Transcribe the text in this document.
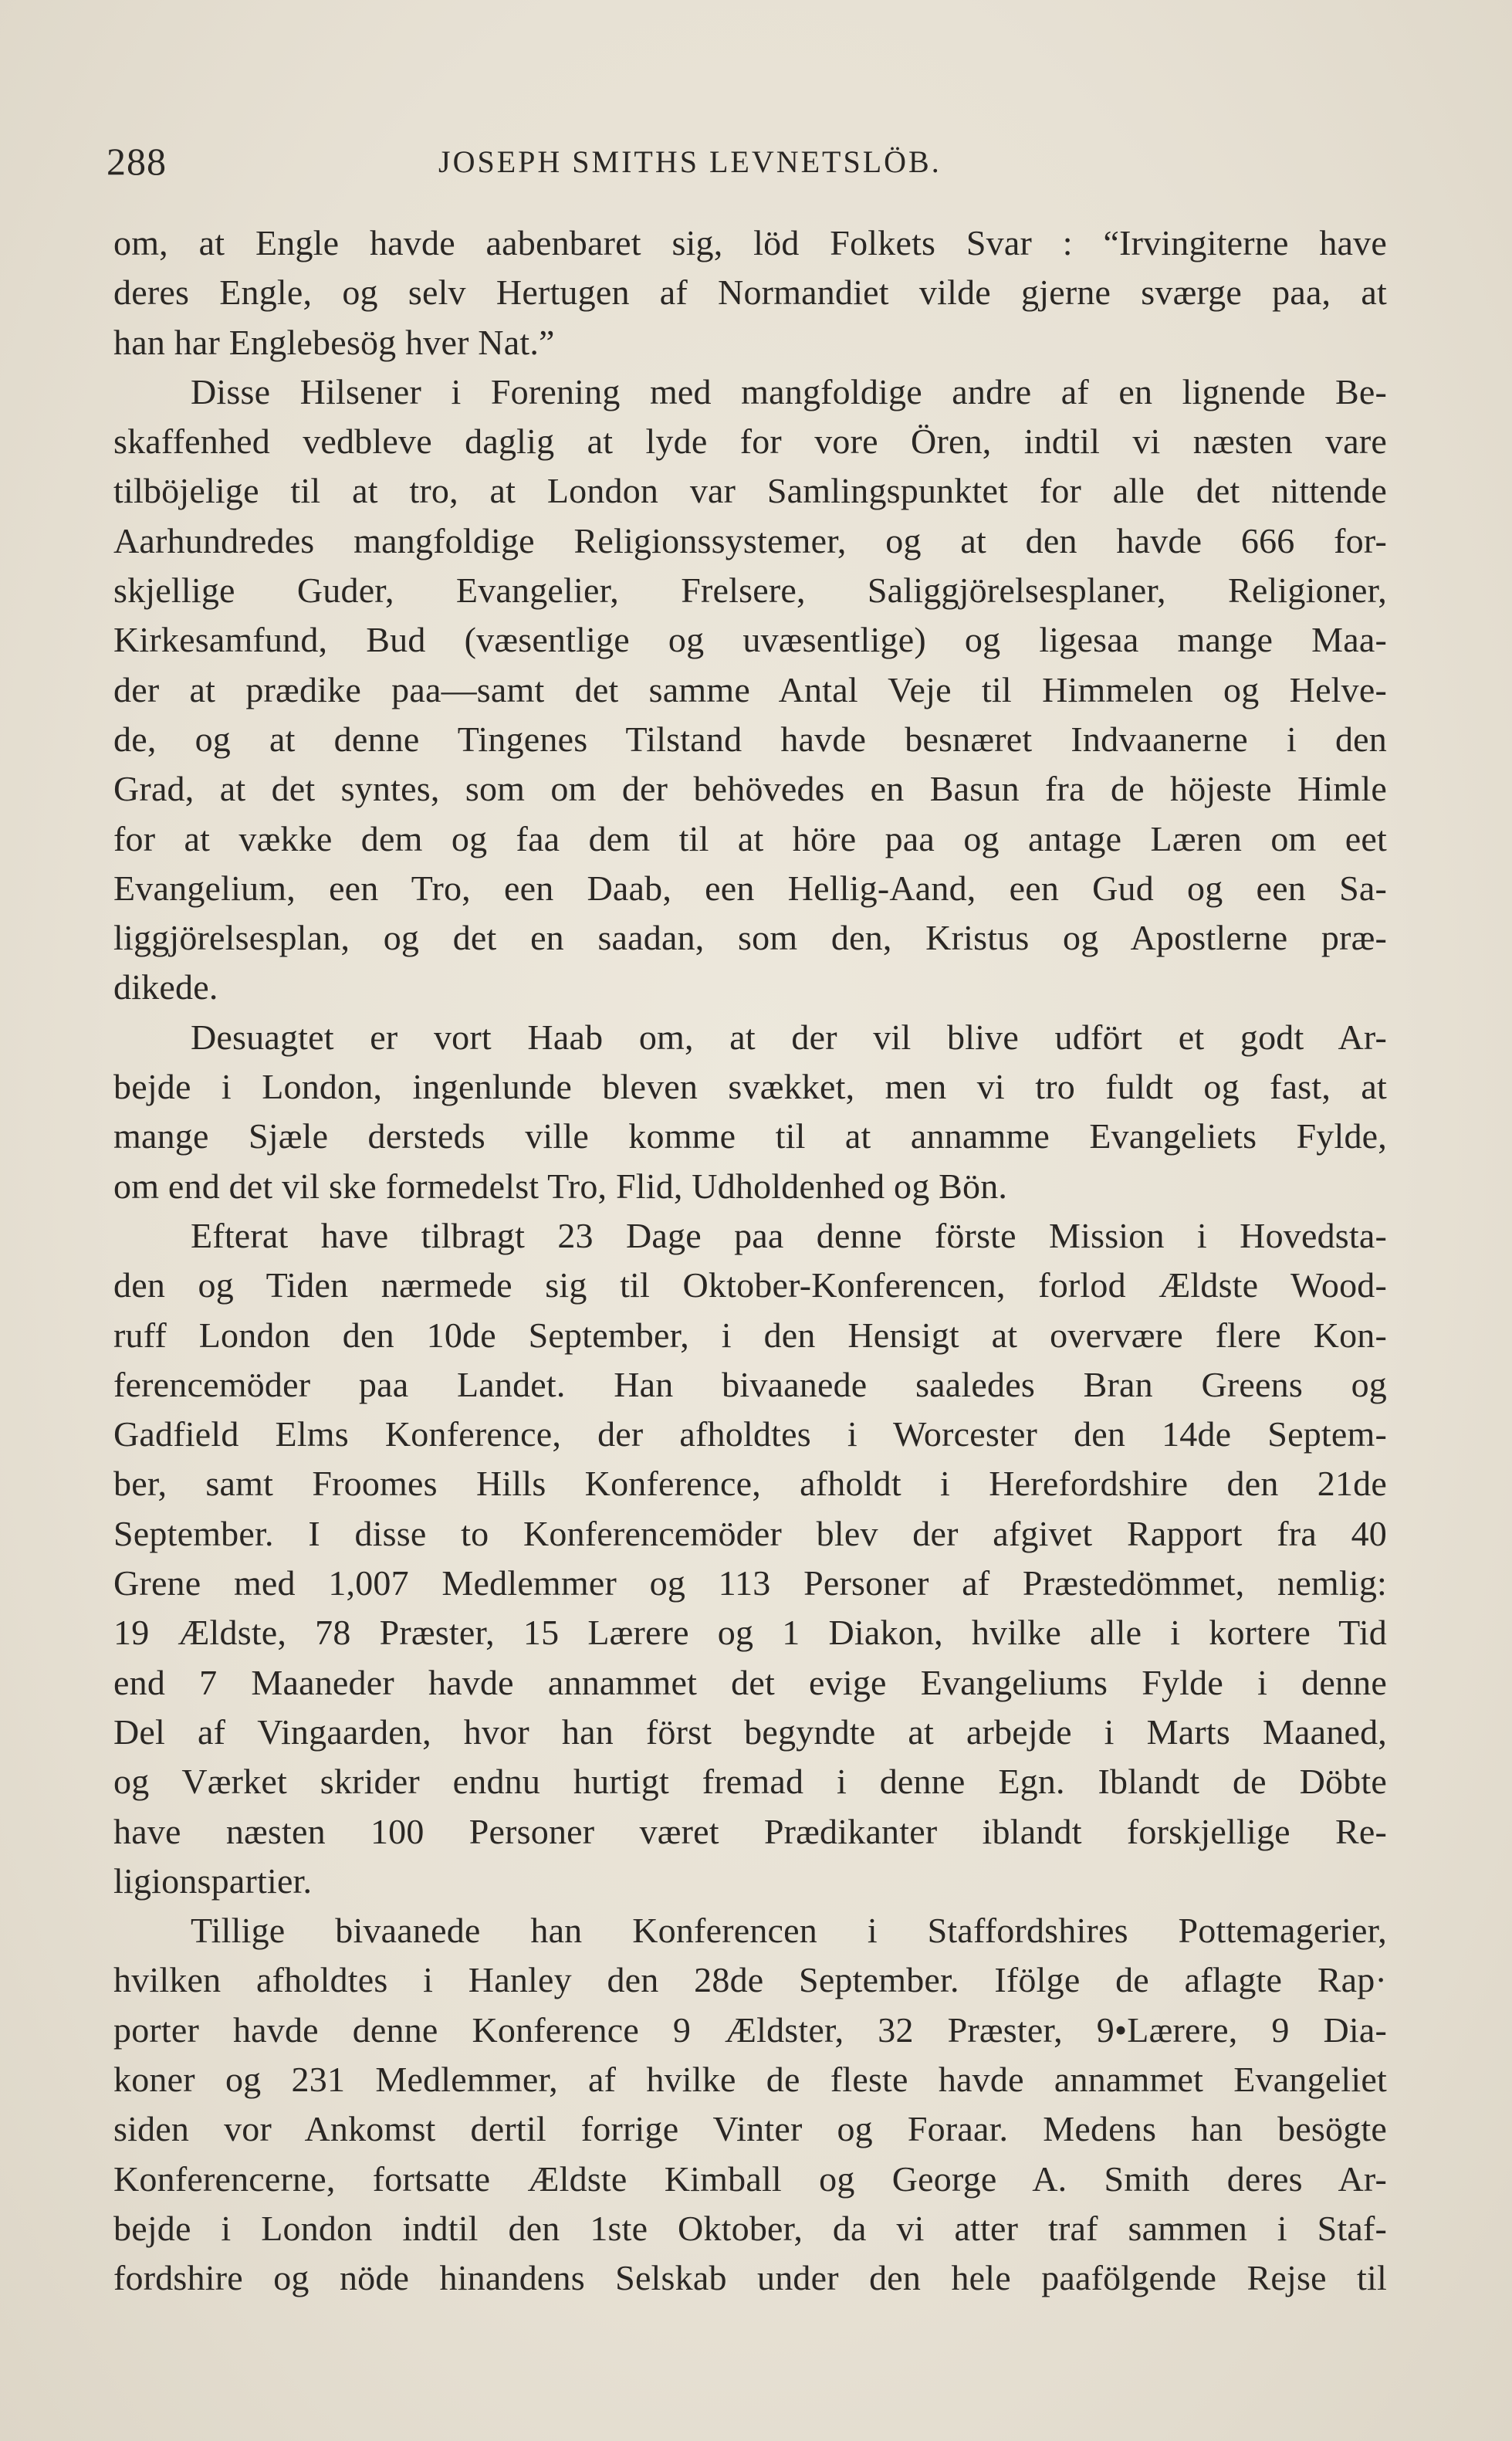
288	JOSEPH SMITHS LEVNETSLÖB.
om, at Engle havde aabenbaret sig, löd Folkets Svar : “Irvingiterne have
deres Engle, og selv Hertugen af Normandiet vilde gjerne sværge paa, at
han har Englebesög hver Nat.”
Disse Hilsener i Forening med mangfoldige andre af en lignende Be-
skaffenhed vedbleve daglig at lyde for vore Ören, indtil vi næsten vare
tilböjelige til at tro, at London var Samlingspunktet for alle det nittende
Aarhundredes mangfoldige Religionssystemer, og at den havde 666 for-
skjellige Guder, Evangelier, Frelsere, Saliggjörelsesplaner, Religioner,
Kirkesamfund, Bud (væsentlige og uvæsentlige) og ligesaa mange Maa-
der at prædike paa—samt det samme Antal Veje til Himmelen og Helve-
de, og at denne Tingenes Tilstand havde besnæret Indvaanerne i den
Grad, at det syntes, som om der behövedes en Basun fra de höjeste Himle
for at vække dem og faa dem til at höre paa og antage Læren om eet
Evangelium, een Tro, een Daab, een Hellig-Aand, een Gud og een Sa-
liggjörelsesplan, og det en saadan, som den, Kristus og Apostlerne præ-
dikede.
Desuagtet er vort Haab om, at der vil blive udfört et godt Ar-
bejde i London, ingenlunde bleven svækket, men vi tro fuldt og fast, at
mange Sjæle dersteds ville komme til at annamme Evangeliets Fylde,
om end det vil ske formedelst Tro, Flid, Udholdenhed og Bön.
Efterat have tilbragt 23 Dage paa denne förste Mission i Hovedsta-
den og Tiden nærmede sig til Oktober-Konferencen, forlod Ældste Wood-
ruff London den 10de September, i den Hensigt at overvære flere Kon-
ferencemöder paa Landet. Han bivaanede saaledes Bran Greens og
Gadfield Elms Konference, der afholdtes i Worcester den 14de Septem-
ber, samt Froomes Hills Konference, afholdt i Herefordshire den 21de
September. I disse to Konferencemöder blev der afgivet Rapport fra 40
Grene med 1,007 Medlemmer og 113 Personer af Præstedömmet, nemlig:
19 Ældste, 78 Præster, 15 Lærere og 1 Diakon, hvilke alle i kortere Tid
end 7 Maaneder havde annammet det evige Evangeliums Fylde i denne
Del af Vingaarden, hvor han först begyndte at arbejde i Marts Maaned,
og Værket skrider endnu hurtigt fremad i denne Egn. Iblandt de Döbte
have næsten 100 Personer været Prædikanter iblandt forskjellige Re-
ligionspartier.
Tillige bivaanede han Konferencen i Staffordshires Pottemagerier,
hvilken afholdtes i Hanley den 28de September. Ifölge de aflagte Rap·
porter havde denne Konference 9 Ældster, 32 Præster, 9•Lærere, 9 Dia-
koner og 231 Medlemmer, af hvilke de fleste havde annammet Evangeliet
siden vor Ankomst dertil forrige Vinter og Foraar. Medens han besögte
Konferencerne, fortsatte Ældste Kimball og George A. Smith deres Ar-
bejde i London indtil den 1ste Oktober, da vi atter traf sammen i Staf-
fordshire og nöde hinandens Selskab under den hele paafölgende Rejse til
